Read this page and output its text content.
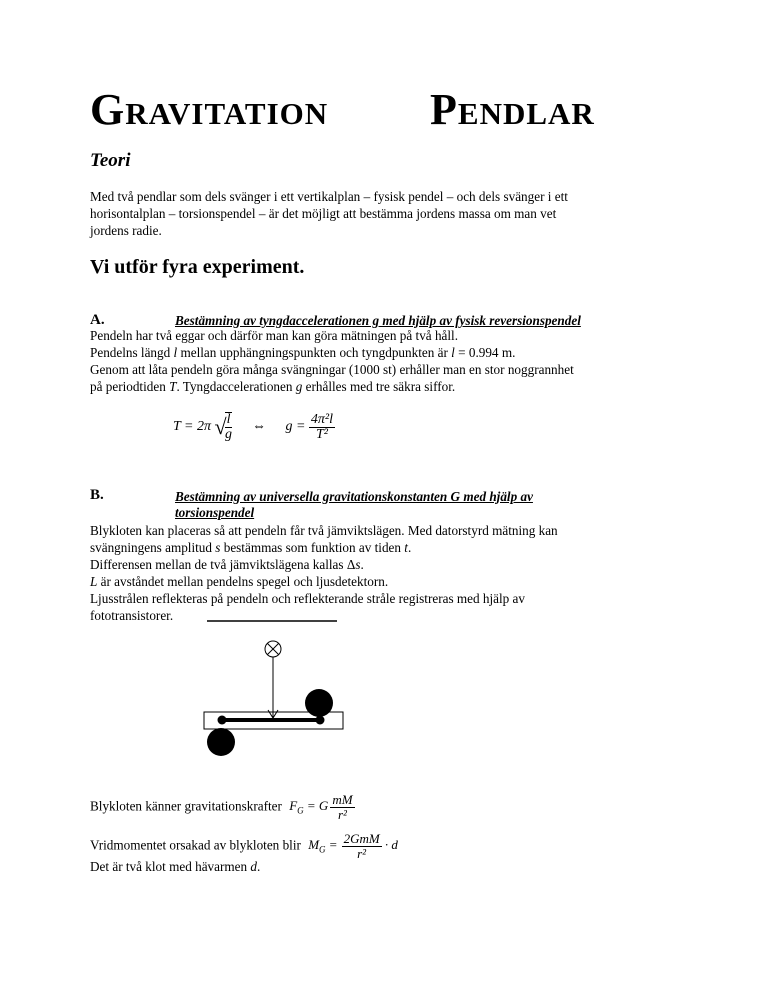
GRAVITATION PENDLAR
Teori
Med två pendlar som dels svänger i ett vertikalplan – fysisk pendel – och dels svänger i ett
horisontalplan – torsionspendel – är det möjligt att bestämma jordens massa om man vet
jordens radie.
Vi utför fyra experiment.
A.	Bestämning av tyngdaccelerationen g med hjälp av fysisk reversionspendel
Pendeln har två eggar och därför man kan göra mätningen på två håll.
Pendelns längd l mellan upphängningspunkten och tyngdpunkten är l = 0.994 m.
Genom att låta pendeln göra många svängningar (1000 st) erhåller man en stor noggrannhet
på periodtiden T. Tyngdaccelerationen g erhålles med tre säkra siffor.
T = 2π √
$\frac{l}{g}$ ⇔ $g = \frac{\text{4π²l}}{\text{T²}}$
B.	Bestämning av universella gravitationskonstanten G med hjälp av
torsionspendel
Blykloten kan placeras så att pendeln får två jämviktslägen. Med datorstyrd mätning kan
svängningens amplitud s bestämmas som funktion av tiden t.
Differensen mellan de två jämviktslägena kallas Δs.
L är avståndet mellan pendelns spegel och ljusdetektorn.
Ljusstrålen reflekteras på pendeln och reflekterande stråle registreras med hjälp av
fototransistorer.
Blykloten känner gravitationskrafter $F_G = G \frac{mM}{\text{r²}}$
Vridmomentet orsakad av blykloten blir $M_G = \frac{\text{2GmM}}{\text{r²}} \cdot d$
Det är två klot med hävarmen d.
